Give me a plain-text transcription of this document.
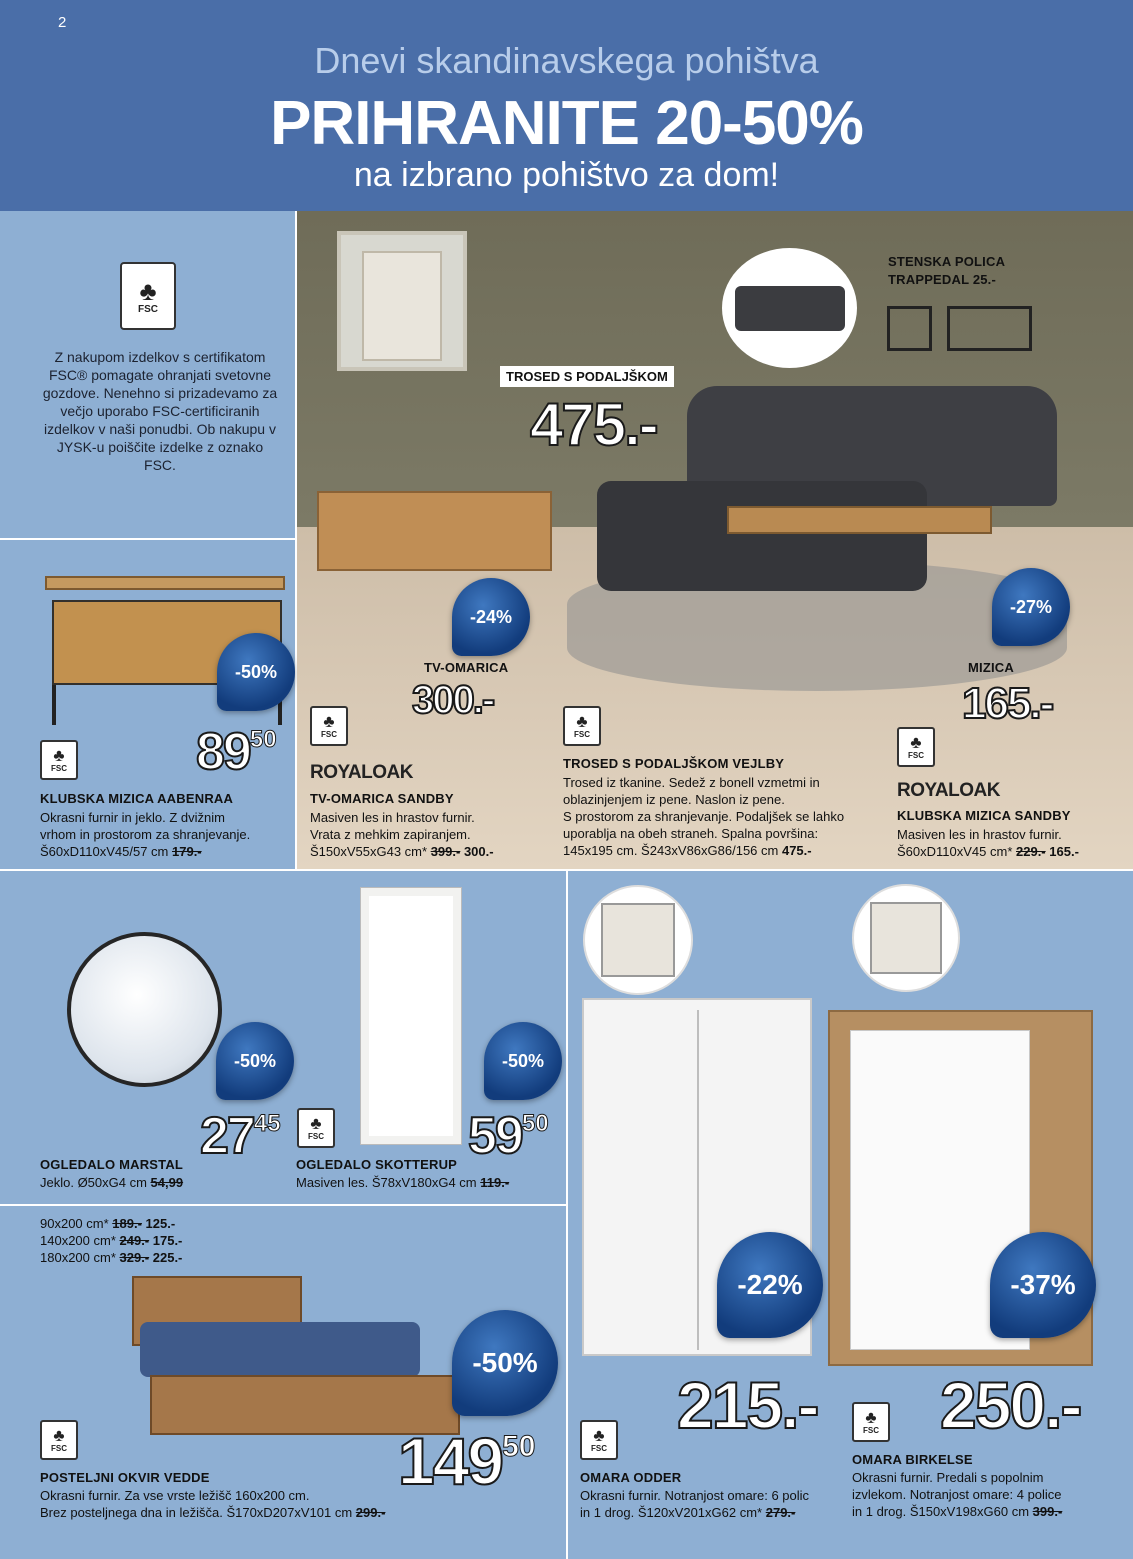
2
Dnevi skandinavskega pohištva
PRIHRANITE 20-50%
na izbrano pohištvo za dom!
♣
FSC
Z nakupom izdelkov s certifikatom FSC® pomagate ohranjati svetovne gozdove. Nenehno si prizadevamo za večjo uporabo FSC-certificiranih izdelkov v naši ponudbi. Ob nakupu v JYSK-u poiščite izdelke z oznako FSC.
-50%
$89^{50}$
♣
FSC
KLUBSKA MIZICA AABENRAA
Okrasni furnir in jeklo. Z dvižnim
vrhom in prostorom za shranjevanje.
Š60xD110xV45/57 cm 179.-
STENSKA POLICA
TRAPPEDAL 25.-
TROSED S PODALJŠKOM
475.-
-24%
TV-OMARICA
300.-
-27%
MIZICA
165.-
♣
FSC
ROYALOAK
TV-OMARICA SANDBY
Masiven les in hrastov furnir.
Vrata z mehkim zapiranjem.
Š150xV55xG43 cm* 399.- 300.-
♣
FSC
TROSED S PODALJŠKOM VEJLBY
Trosed iz tkanine. Sedež z bonell vzmetmi in
oblazinjenjem iz pene. Naslon iz pene.
S prostorom za shranjevanje. Podaljšek se lahko
uporablja na obeh straneh. Spalna površina:
145x195 cm. Š243xV86xG86/156 cm 475.-
♣
FSC
ROYALOAK
KLUBSKA MIZICA SANDBY
Masiven les in hrastov furnir.
Š60xD110xV45 cm* 229.- 165.-
-50%
$27^{45}$
OGLEDALO MARSTAL
Jeklo. Ø50xG4 cm 54,99
♣
FSC
-50%
$59^{50}$
OGLEDALO SKOTTERUP
Masiven les. Š78xV180xG4 cm 119.-
90x200 cm* 189.- 125.-
140x200 cm* 249.- 175.-
180x200 cm* 329.- 225.-
-50%
♣
FSC	$149^{50}$
POSTELJNI OKVIR VEDDE
Okrasni furnir. Za vse vrste ležišč 160x200 cm.
Brez posteljnega dna in ležišča. Š170xD207xV101 cm 299.-
-22%
215.-
♣
FSC
OMARA ODDER
Okrasni furnir. Notranjost omare: 6 polic
in 1 drog. Š120xV201xG62 cm* 279.-
-37%
250.-
♣
FSC
OMARA BIRKELSE
Okrasni furnir. Predali s popolnim
izvlekom. Notranjost omare: 4 police
in 1 drog. Š150xV198xG60 cm 399.-
